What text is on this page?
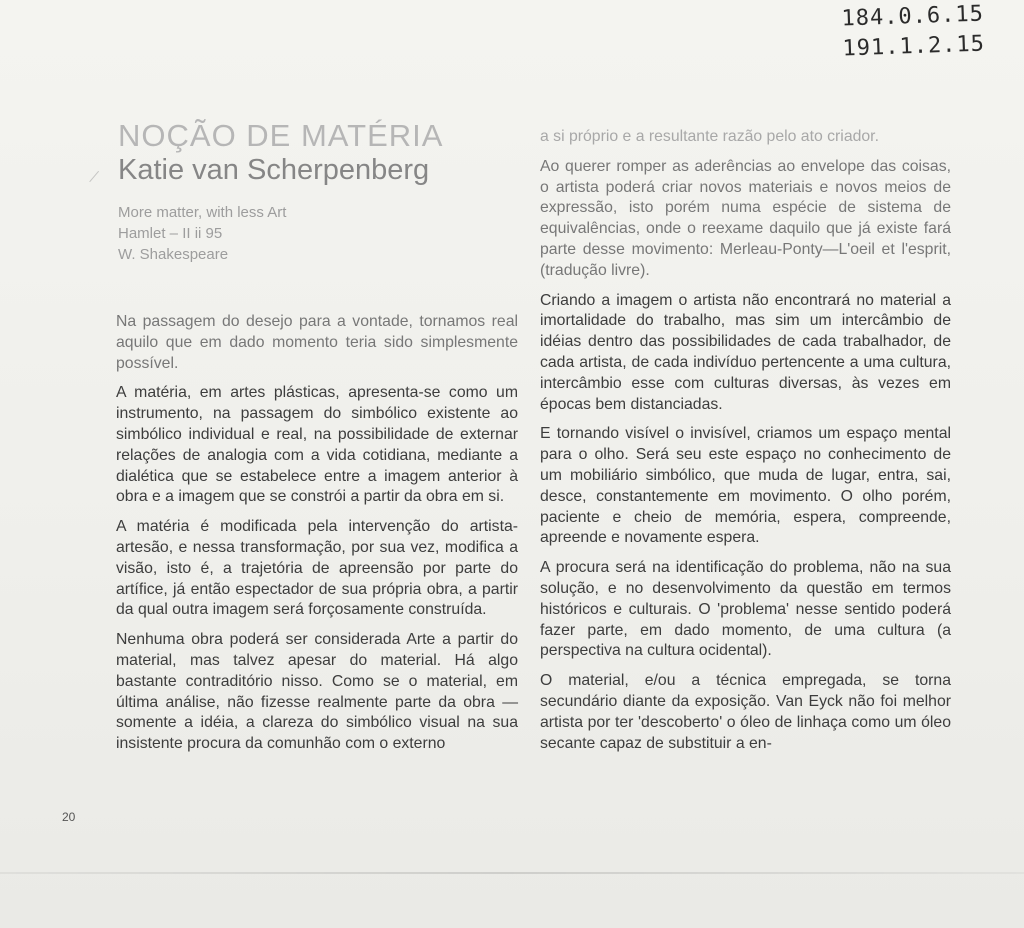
184.0.6.15
191.1.2.15
NOÇÃO DE MATÉRIA
Katie van Scherpenberg
More matter, with less Art
Hamlet – II ii 95
W. Shakespeare

Na passagem do desejo para a vontade, tornamos real aquilo que em dado momento teria sido simplesmente possível.

A matéria, em artes plásticas, apresenta-se como um instrumento, na passagem do simbólico existente ao simbólico individual e real, na possibilidade de externar relações de analogia com a vida cotidiana, mediante a dialética que se estabelece entre a imagem anterior à obra e a imagem que se constrói a partir da obra em si.

A matéria é modificada pela intervenção do artista-artesão, e nessa transformação, por sua vez, modifica a visão, isto é, a trajetória de apreensão por parte do artífice, já então espectador de sua própria obra, a partir da qual outra imagem será forçosamente construída.

Nenhuma obra poderá ser considerada Arte a partir do material, mas talvez apesar do material. Há algo bastante contraditório nisso. Como se o material, em última análise, não fizesse realmente parte da obra — somente a idéia, a clareza do simbólico visual na sua insistente procura da comunhão com o externo

a si próprio e a resultante razão pelo ato criador.

Ao querer romper as aderências ao envelope das coisas, o artista poderá criar novos materiais e novos meios de expressão, isto porém numa espécie de sistema de equivalências, onde o reexame daquilo que já existe fará parte desse movimento: Merleau-Ponty—L'oeil et l'esprit, (tradução livre).

Criando a imagem o artista não encontrará no material a imortalidade do trabalho, mas sim um intercâmbio de idéias dentro das possibilidades de cada trabalhador, de cada artista, de cada indivíduo pertencente a uma cultura, intercâmbio esse com culturas diversas, às vezes em épocas bem distanciadas.

E tornando visível o invisível, criamos um espaço mental para o olho. Será seu este espaço no conhecimento de um mobiliário simbólico, que muda de lugar, entra, sai, desce, constantemente em movimento. O olho porém, paciente e cheio de memória, espera, compreende, apreende e novamente espera.

A procura será na identificação do problema, não na sua solução, e no desenvolvimento da questão em termos históricos e culturais. O 'problema' nesse sentido poderá fazer parte, em dado momento, de uma cultura (a perspectiva na cultura ocidental).

O material, e/ou a técnica empregada, se torna secundário diante da exposição. Van Eyck não foi melhor artista por ter 'descoberto' o óleo de linhaça como um óleo secante capaz de substituir a en-

20
